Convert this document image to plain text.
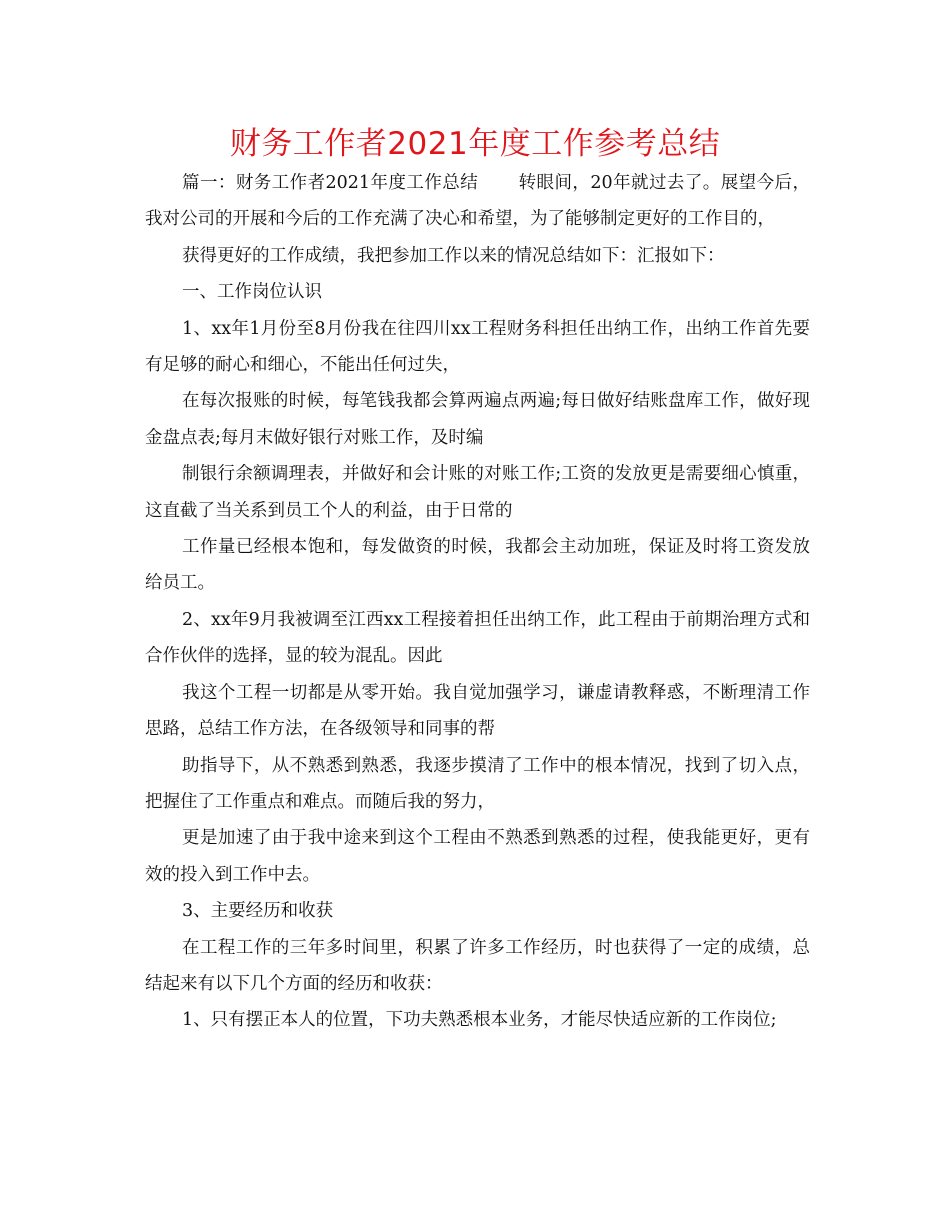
财务工作者2021年度工作参考总结

篇一：财务工作者2021年度工作总结 转眼间，20年就过去了。展望今后，我对公司的开展和今后的工作充满了决心和希望，为了能够制定更好的工作目的，

获得更好的工作成绩，我把参加工作以来的情况总结如下：汇报如下：

一、工作岗位认识

1、xx年1月份至8月份我在往四川xx工程财务科担任出纳工作，出纳工作首先要有足够的耐心和细心，不能出任何过失，

在每次报账的时候，每笔钱我都会算两遍点两遍;每日做好结账盘库工作，做好现金盘点表;每月末做好银行对账工作，及时编

制银行余额调理表，并做好和会计账的对账工作;工资的发放更是需要细心慎重，这直截了当关系到员工个人的利益，由于日常的

工作量已经根本饱和，每发做资的时候，我都会主动加班，保证及时将工资发放给员工。

2、xx年9月我被调至江西xx工程接着担任出纳工作，此工程由于前期治理方式和合作伙伴的选择，显的较为混乱。因此

我这个工程一切都是从零开始。我自觉加强学习，谦虚请教释惑，不断理清工作思路，总结工作方法，在各级领导和同事的帮

助指导下，从不熟悉到熟悉，我逐步摸清了工作中的根本情况，找到了切入点，把握住了工作重点和难点。而随后我的努力，

更是加速了由于我中途来到这个工程由不熟悉到熟悉的过程，使我能更好，更有效的投入到工作中去。

3、主要经历和收获

在工程工作的三年多时间里，积累了许多工作经历，时也获得了一定的成绩，总结起来有以下几个方面的经历和收获：

1、只有摆正本人的位置，下功夫熟悉根本业务，才能尽快适应新的工作岗位;
